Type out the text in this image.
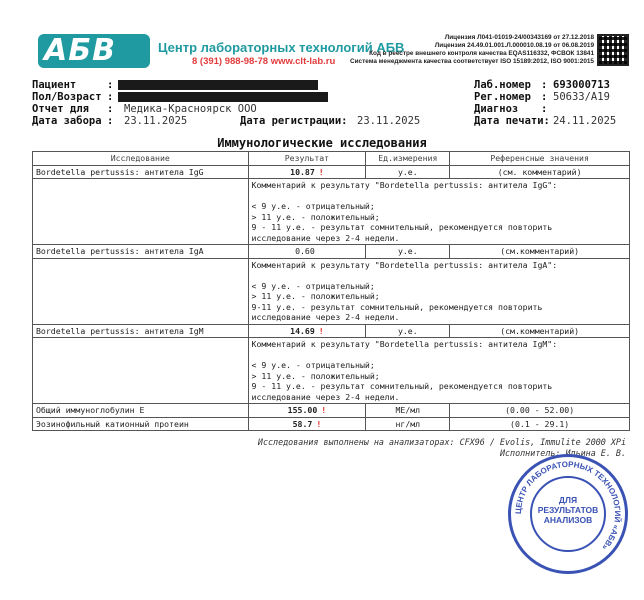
АБВ	Центр лабораторных технологий АБВ
8 (391) 988-98-78 www.clt-lab.ru
Лицензия Л041-01019-24/00343169 от 27.12.2018
Лицензия 24.49.01.001.Л.000010.08.19 от 06.08.2019
Код в реестре внешнего контроля качества EQAS116332, ФСВОК 13841
Система менеджмента качества соответствует ISO 15189:2012, ISO 9001:2015
Пациент	:
Пол/Возраст :
Отчет для : Медика-Красноярск ООО
Дата забора : 23.11.2025	Дата регистрации: 23.11.2025
Лаб.номер : 693000713
Рег.номер : 50633/A19
Диагноз :
Дата печати: 24.11.2025
Иммунологические исследования
Исследование	Результат	Ед.измерения	Референсные значения
Bordetella pertussis: антитела IgG	10.87 !	у.е.	(см. комментарий)
	Комментарий к результату "Bordetella pertussis: антитела IgG":

< 9 у.е. - отрицательный;
> 11 у.е. - положительный;
9 - 11 у.е. - результат сомнительный, рекомендуется повторить
исследование через 2-4 недели.		
Bordetella pertussis: антитела IgA	0.60	у.е.	(см.комментарий)
	Комментарий к результату "Bordetella pertussis: антитела IgA":

< 9 у.е. - отрицательный;
> 11 у.е. - положительный;
9-11 у.е. - результат сомнительный, рекомендуется повторить
исследование через 2-4 недели.		
Bordetella pertussis: антитела IgM	14.69 !	у.е.	(см.комментарий)
	Комментарий к результату "Bordetella pertussis: антитела IgM":

< 9 у.е. - отрицательный;
> 11 у.е. - положительный;
9 - 11 у.е. - результат сомнительный, рекомендуется повторить
исследование через 2-4 недели.		
Общий иммуноглобулин Е	155.00 !	МЕ/мл	(0.00 - 52.00)
Эозинофильный катионный протеин	58.7 !	нг/мл	(0.1 - 29.1)
Исследования выполнены на анализаторах: CFX96 / Evolis, Immulite 2000 XPi
Исполнитель: Ильина Е. В.
ЦЕНТР ЛАБОРАТОРНЫХ ТЕХНОЛОГИЙ «АБВ»
ДЛЯ
РЕЗУЛЬТАТОВ
АНАЛИЗОВ
